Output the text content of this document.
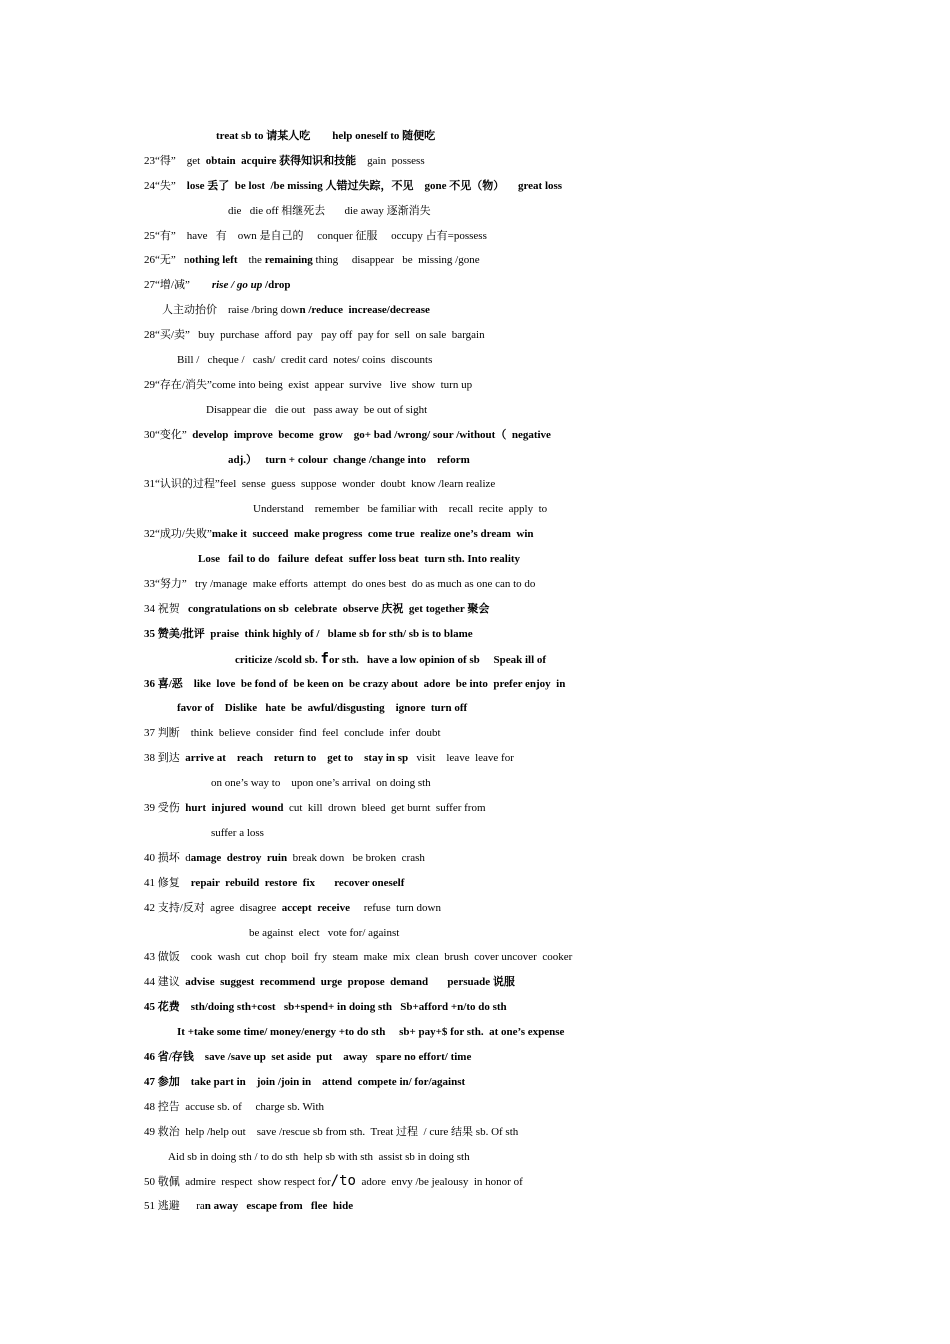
treat sb to 请某人吃        help oneself to 随便吃
23“得”    get  obtain  acquire 获得知识和技能    gain  possess
24“失”    lose 丢了  be lost  /be missing 人错过失踪，不见    gone 不见（物）     great loss
die   die off 相继死去       die away 逐渐消失
25“有”    have   有    own 是自己的     conquer 征服     occupy 占有=possess
26“无”   nothing left    the remaining thing     disappear   be  missing /gone
27“增/减”        rise / go up /drop
人主动抬价    raise /bring down /reduce  increase/decrease
28“买/卖”   buy  purchase  afford  pay   pay off  pay for  sell  on sale  bargain
Bill /   cheque /   cash/  credit card  notes/ coins  discounts
29“存在/消失”come into being  exist  appear  survive   live  show  turn up
Disappear die   die out   pass away  be out of sight
30“变化”  develop  improve  become  grow    go+ bad /wrong/ sour /without（  negative
adj.）   turn + colour  change /change into    reform
31“认识的过程”feel  sense  guess  suppose  wonder  doubt  know /learn realize
Understand    remember   be familiar with    recall  recite  apply  to
32“成功/失败”make it  succeed  make progress  come true  realize one’s dream  win
Lose   fail to do   failure  defeat  suffer loss beat  turn sth. Into reality
33“努力”   try /manage  make efforts  attempt  do ones best  do as much as one can to do
34 祝贺   congratulations on sb  celebrate  observe 庆祝  get together 聚会
35 赞美/批评  praise  think highly of /   blame sb for sth/ sb is to blame
criticize /scold sb. for sth.   have a low opinion of sb     Speak ill of
36 喜/恶    like  love  be fond of  be keen on  be crazy about  adore  be into  prefer enjoy  in
favor of    Dislike   hate  be  awful/disgusting    ignore  turn off
37 判断    think  believe  consider  find  feel  conclude  infer  doubt
38 到达  arrive at    reach    return to    get to    stay in sp   visit    leave  leave for
on one’s way to    upon one’s arrival  on doing sth
39 受伤  hurt  injured  wound  cut  kill  drown  bleed  get burnt  suffer from
suffer a loss
40 损坏  damage  destroy  ruin  break down   be broken  crash
41 修复    repair  rebuild  restore  fix       recover oneself
42 支持/反对  agree  disagree  accept  receive     refuse  turn down
be against  elect   vote for/ against
43 做饭    cook  wash  cut  chop  boil  fry  steam  make  mix  clean  brush  cover uncover  cooker
44 建议  advise  suggest  recommend  urge  propose  demand       persuade 说服
45 花费    sth/doing sth+cost   sb+spend+ in doing sth   Sb+afford +n/to do sth
It +take some time/ money/energy +to do sth     sb+ pay+$ for sth.  at one’s expense
46 省/存钱    save /save up  set aside  put    away   spare no effort/ time
47 参加    take part in    join /join in    attend  compete in/ for/against
48 控告  accuse sb. of     charge sb. With
49 救治  help /help out    save /rescue sb from sth.  Treat 过程  / cure 结果 sb. Of sth
Aid sb in doing sth / to do sth  help sb with sth  assist sb in doing sth
50 敬佩  admire  respect  show respect for/to  adore  envy /be jealousy  in honor of
51 逃避      ran away   escape from   flee  hide
